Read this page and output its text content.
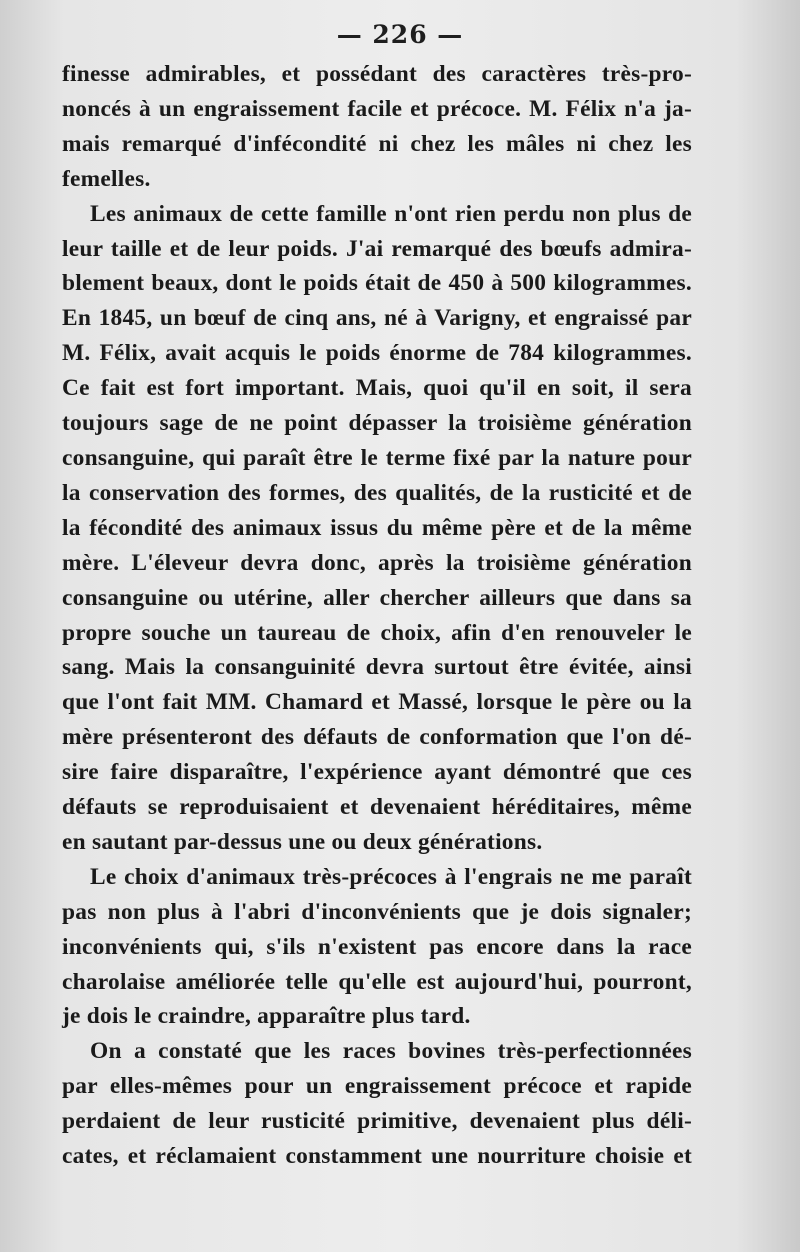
— 226 —

finesse admirables, et possédant des caractères très-pro-

noncés à un engraissement facile et précoce. M. Félix n'a ja-

mais remarqué d'infécondité ni chez les mâles ni chez les

femelles.

Les animaux de cette famille n'ont rien perdu non plus de

leur taille et de leur poids. J'ai remarqué des bœufs admira-

blement beaux, dont le poids était de 450 à 500 kilogrammes.

En 1845, un bœuf de cinq ans, né à Varigny, et engraissé par

M. Félix, avait acquis le poids énorme de 784 kilogrammes.

Ce fait est fort important. Mais, quoi qu'il en soit, il sera

toujours sage de ne point dépasser la troisième génération

consanguine, qui paraît être le terme fixé par la nature pour

la conservation des formes, des qualités, de la rusticité et de

la fécondité des animaux issus du même père et de la même

mère. L'éleveur devra donc, après la troisième génération

consanguine ou utérine, aller chercher ailleurs que dans sa

propre souche un taureau de choix, afin d'en renouveler le

sang. Mais la consanguinité devra surtout être évitée, ainsi

que l'ont fait MM. Chamard et Massé, lorsque le père ou la

mère présenteront des défauts de conformation que l'on dé-

sire faire disparaître, l'expérience ayant démontré que ces

défauts se reproduisaient et devenaient héréditaires, même

en sautant par-dessus une ou deux générations.

Le choix d'animaux très-précoces à l'engrais ne me paraît

pas non plus à l'abri d'inconvénients que je dois signaler;

inconvénients qui, s'ils n'existent pas encore dans la race

charolaise améliorée telle qu'elle est aujourd'hui, pourront,

je dois le craindre, apparaître plus tard.

On a constaté que les races bovines très-perfectionnées

par elles-mêmes pour un engraissement précoce et rapide

perdaient de leur rusticité primitive, devenaient plus déli-

cates, et réclamaient constamment une nourriture choisie et
